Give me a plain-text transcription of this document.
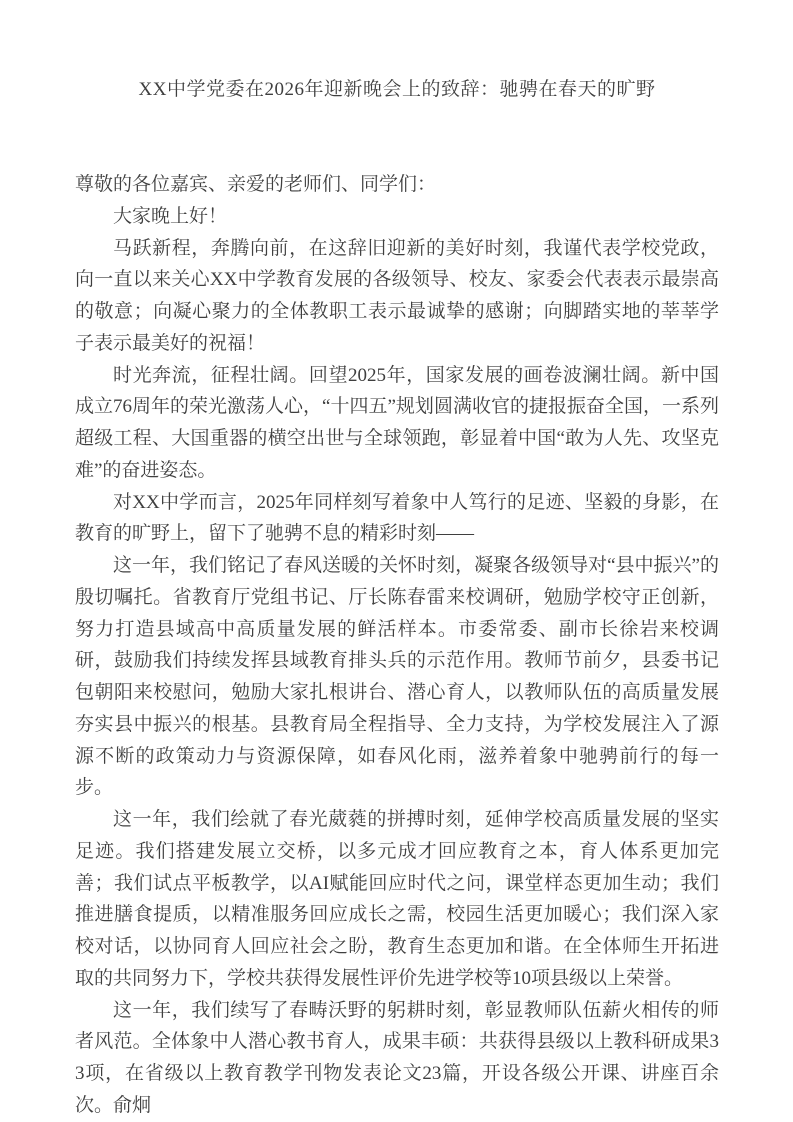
XX中学党委在2026年迎新晚会上的致辞：驰骋在春天的旷野

尊敬的各位嘉宾、亲爱的老师们、同学们：

大家晚上好！

马跃新程，奔腾向前，在这辞旧迎新的美好时刻，我谨代表学校党政，向一直以来关心XX中学教育发展的各级领导、校友、家委会代表表示最崇高的敬意；向凝心聚力的全体教职工表示最诚挚的感谢；向脚踏实地的莘莘学子表示最美好的祝福！

时光奔流，征程壮阔。回望2025年，国家发展的画卷波澜壮阔。新中国成立76周年的荣光激荡人心，“十四五”规划圆满收官的捷报振奋全国，一系列超级工程、大国重器的横空出世与全球领跑，彰显着中国“敢为人先、攻坚克难”的奋进姿态。

对XX中学而言，2025年同样刻写着象中人笃行的足迹、坚毅的身影，在教育的旷野上，留下了驰骋不息的精彩时刻——

这一年，我们铭记了春风送暖的关怀时刻，凝聚各级领导对“县中振兴”的殷切嘱托。省教育厅党组书记、厅长陈春雷来校调研，勉励学校守正创新，努力打造县域高中高质量发展的鲜活样本。市委常委、副市长徐岩来校调研，鼓励我们持续发挥县域教育排头兵的示范作用。教师节前夕，县委书记包朝阳来校慰问，勉励大家扎根讲台、潜心育人，以教师队伍的高质量发展夯实县中振兴的根基。县教育局全程指导、全力支持，为学校发展注入了源源不断的政策动力与资源保障，如春风化雨，滋养着象中驰骋前行的每一步。

这一年，我们绘就了春光葳蕤的拼搏时刻，延伸学校高质量发展的坚实足迹。我们搭建发展立交桥，以多元成才回应教育之本，育人体系更加完善；我们试点平板教学，以AI赋能回应时代之问，课堂样态更加生动；我们推进膳食提质，以精准服务回应成长之需，校园生活更加暖心；我们深入家校对话，以协同育人回应社会之盼，教育生态更加和谐。在全体师生开拓进取的共同努力下，学校共获得发展性评价先进学校等10项县级以上荣誉。

这一年，我们续写了春畴沃野的躬耕时刻，彰显教师队伍薪火相传的师者风范。全体象中人潜心教书育人，成果丰硕：共获得县级以上教科研成果33项，在省级以上教育教学刊物发表论文23篇，开设各级公开课、讲座百余次。俞炯
